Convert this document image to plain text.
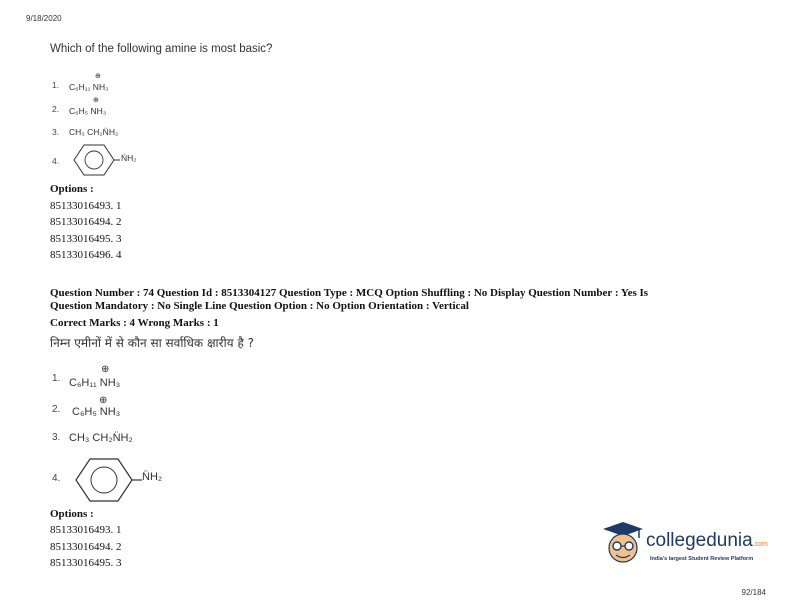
9/18/2020
Which of the following amine is most basic?
1.
⊕
C₆H₁₁ NH₃
2.
⊕
C₆H₅ NH₃
3. CH₃ CH₂N̈H₂
4.	N̈H₂
Options :
85133016493. 1
85133016494. 2
85133016495. 3
85133016496. 4
Question Number : 74 Question Id : 8513304127 Question Type : MCQ Option Shuffling : No Display Question Number : Yes Is
Question Mandatory : No Single Line Question Option : No Option Orientation : Vertical
Correct Marks : 4 Wrong Marks : 1
निम्न एमीनों में से कौन सा सर्वाधिक क्षारीय है ?
1.
⊕
C₆H₁₁ NH₃
2.
⊕
C₆H₅ NH₃
3. CH₃ CH₂N̈H₂
4.	N̈H₂
Options :
85133016493. 1
85133016494. 2
85133016495. 3
collegedunia.com
India's largest Student Review Platform
92/184
